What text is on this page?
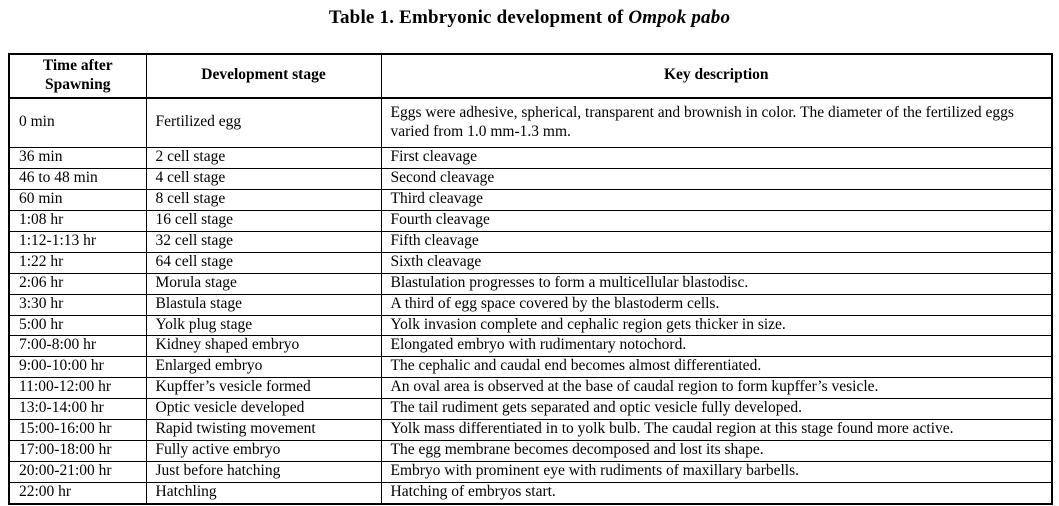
Table 1. Embryonic development of Ompok pabo
Time after Spawning	Development stage	Key description
0 min	Fertilized egg	Eggs were adhesive, spherical, transparent and brownish in color. The diameter of the fertilized eggs varied from 1.0 mm-1.3 mm.
36 min	2 cell stage	First cleavage
46 to 48 min	4 cell stage	Second cleavage
60 min	8 cell stage	Third cleavage
1:08 hr	16 cell stage	Fourth cleavage
1:12-1:13 hr	32 cell stage	Fifth cleavage
1:22 hr	64 cell stage	Sixth cleavage
2:06 hr	Morula stage	Blastulation progresses to form a multicellular blastodisc.
3:30 hr	Blastula stage	A third of egg space covered by the blastoderm cells.
5:00 hr	Yolk plug stage	Yolk invasion complete and cephalic region gets thicker in size.
7:00-8:00 hr	Kidney shaped embryo	Elongated embryo with rudimentary notochord.
9:00-10:00 hr	Enlarged embryo	The cephalic and caudal end becomes almost differentiated.
11:00-12:00 hr	Kupffer’s vesicle formed	An oval area is observed at the base of caudal region to form kupffer’s vesicle.
13:0-14:00 hr	Optic vesicle developed	The tail rudiment gets separated and optic vesicle fully developed.
15:00-16:00 hr	Rapid twisting movement	Yolk mass differentiated in to yolk bulb. The caudal region at this stage found more active.
17:00-18:00 hr	Fully active embryo	The egg membrane becomes decomposed and lost its shape.
20:00-21:00 hr	Just before hatching	Embryo with prominent eye with rudiments of maxillary barbells.
22:00 hr	Hatchling	Hatching of embryos start.
